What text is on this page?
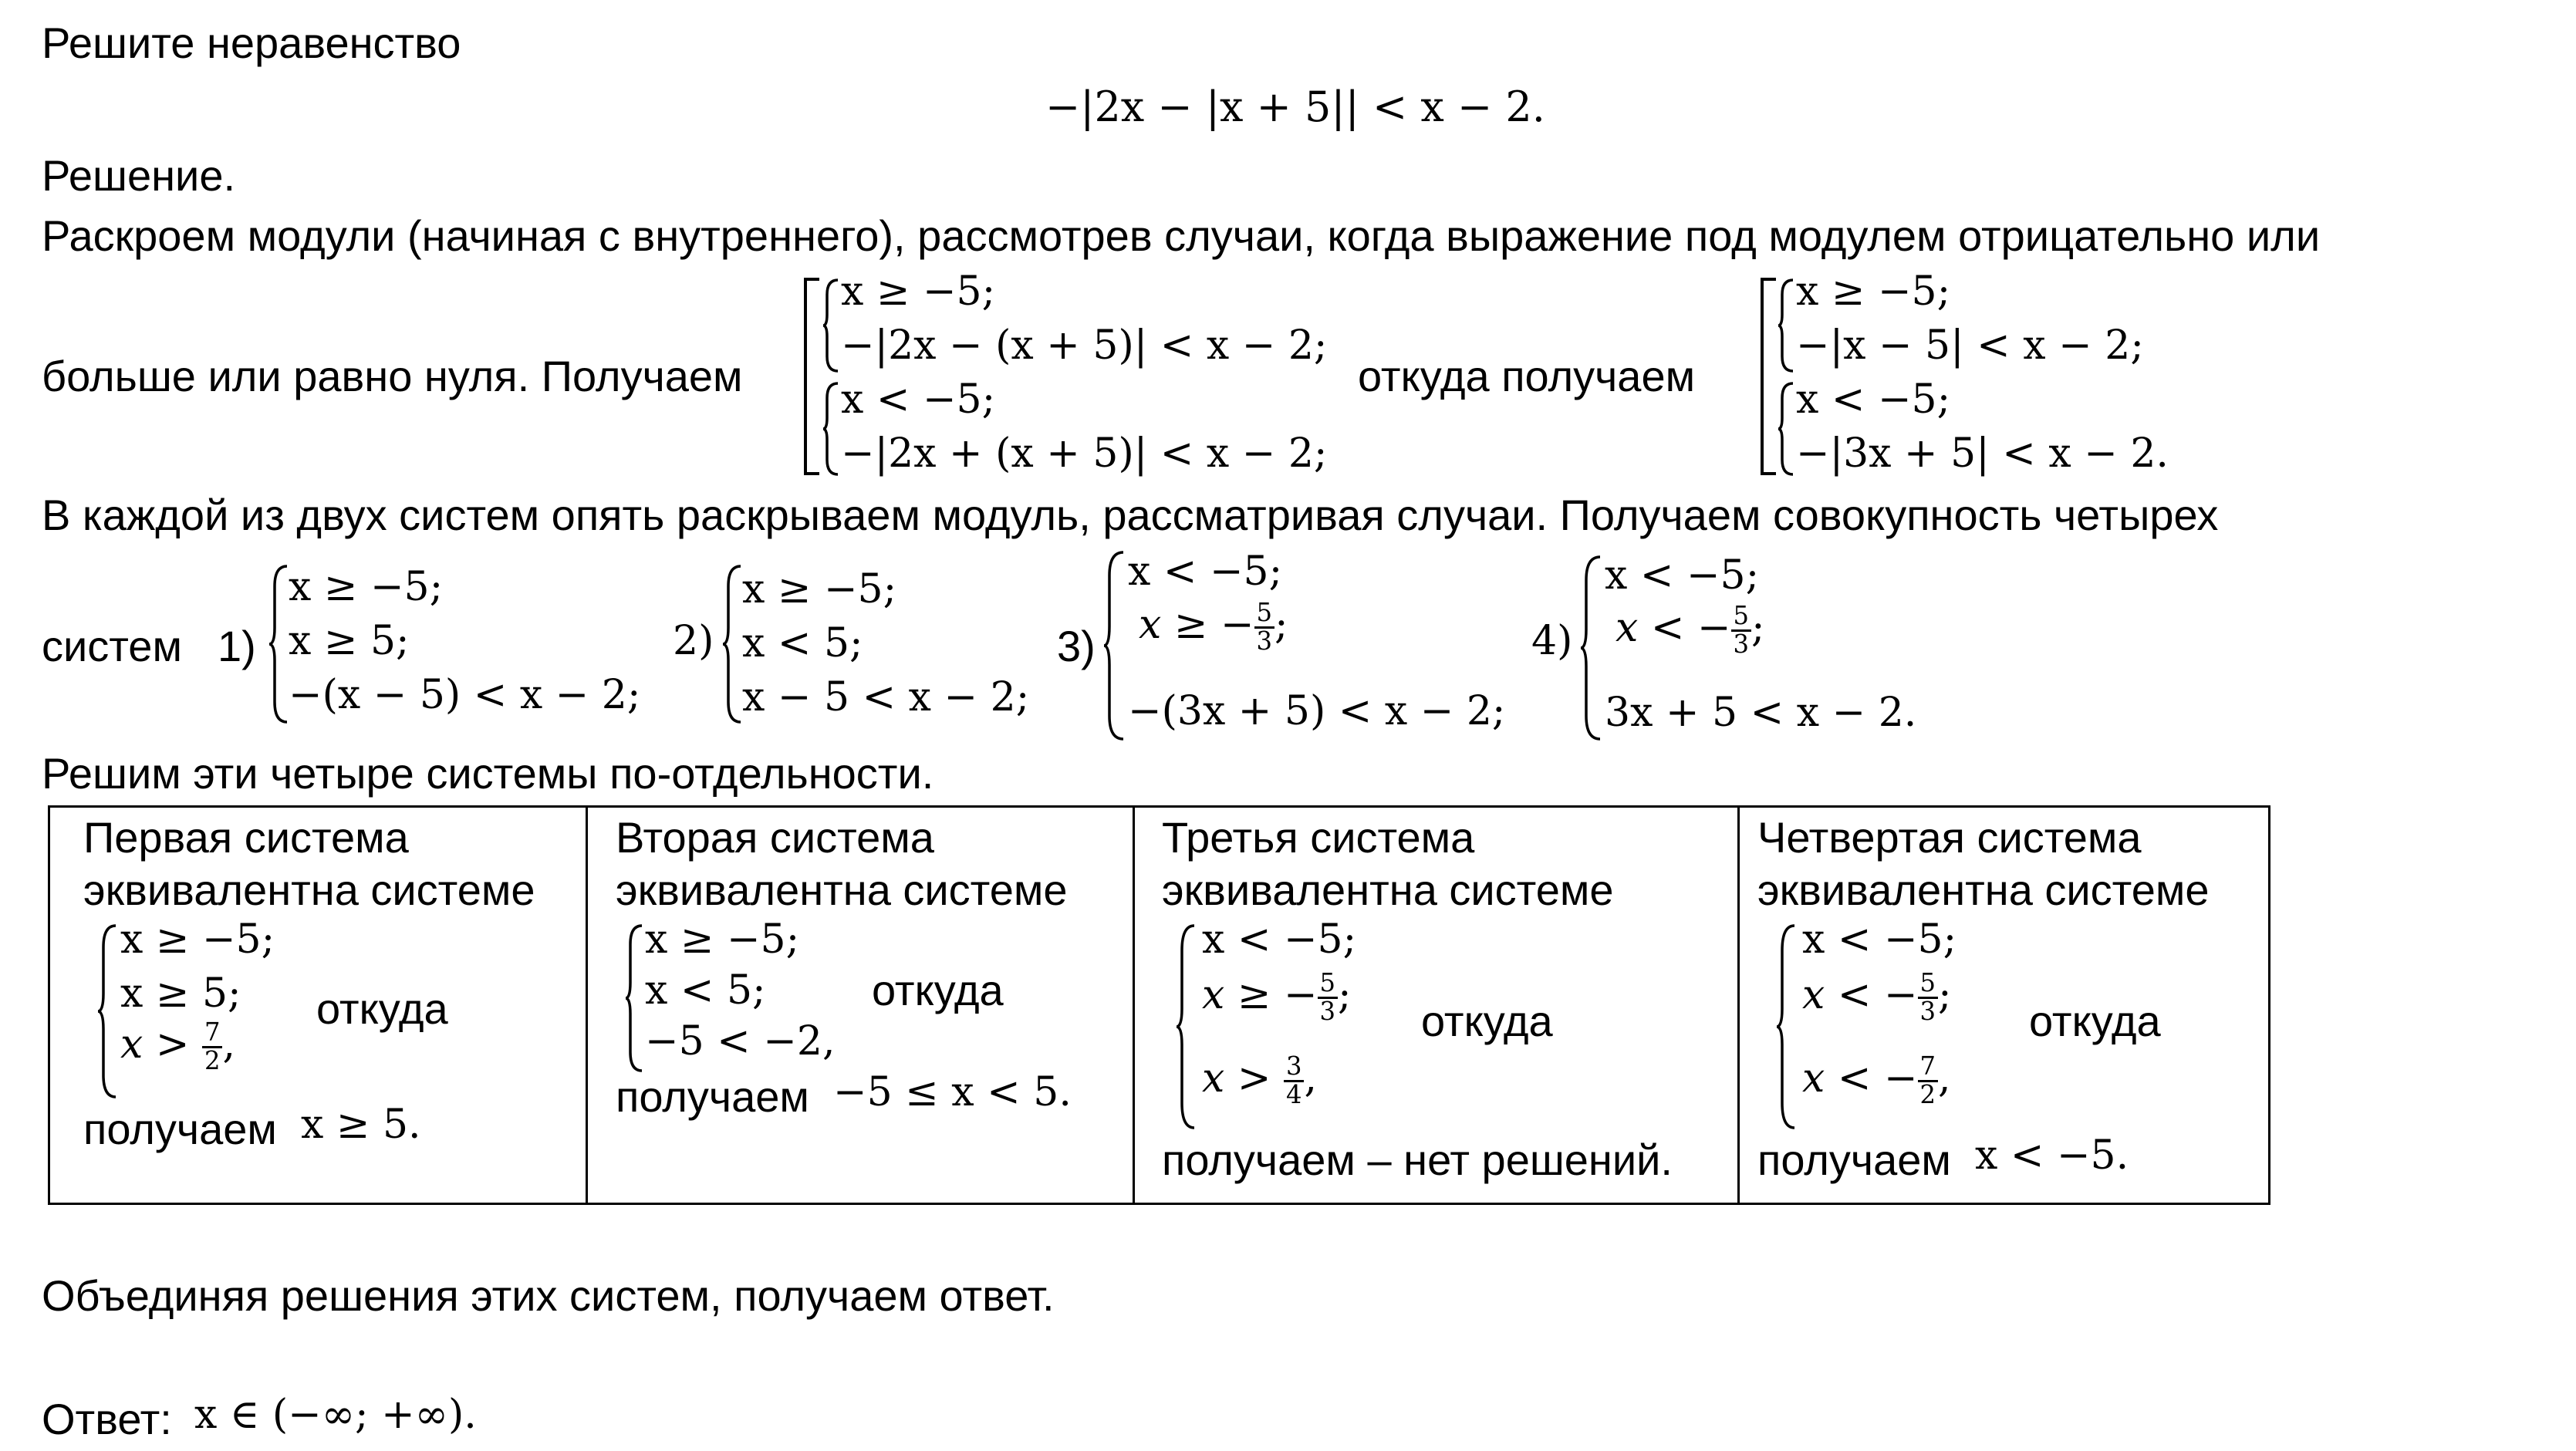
Решите неравенство
−|2x − |x + 5|| < x − 2.
Решение.
Раскроем модули (начиная с внутреннего), рассмотрев случаи, когда выражение под модулем отрицательно или
больше или равно нуля. Получаем
x ≥ −5;
−|2x − (x + 5)| < x − 2;
x < −5;
−|2x + (x + 5)| < x − 2;
откуда получаем
x ≥ −5;
−|x − 5| < x − 2;
x < −5;
−|3x + 5| < x − 2.
В каждой из двух систем опять раскрываем модуль, рассматривая случаи. Получаем совокупность четырех
систем 1)
x ≥ −5;
x ≥ 5;
−(x − 5) < x − 2;
2)
x ≥ −5;
x < 5;
x − 5 < x − 2;
3)
x < −5;
x ≥ − $\frac{5}{3}$ ;
−(3x + 5) < x − 2;
4)
x < −5;
x < − $\frac{5}{3}$ ;
3x + 5 < x − 2.
Решим эти четыре системы по-отдельности.
Первая система
эквивалентна системе
x ≥ −5;
x ≥ 5;
$x > \frac{7}{2}$ ,
откуда
получаем x ≥ 5.
Вторая система
эквивалентна системе
x ≥ −5;
x < 5;
−5 < −2,
откуда
получаем −5 ≤ x < 5.
Третья система
эквивалентна системе
x < −5;
x ≥ − $\frac{5}{3}$ ;
$x > \frac{3}{4}$ ,
откуда
получаем – нет решений.
Четвертая система
эквивалентна системе
x < −5;
x < − $\frac{5}{3}$ ;
x < − $\frac{7}{2}$ ,
откуда
получаем x < −5.
Объединяя решения этих систем, получаем ответ.
Ответ: x ∈ (−∞; +∞).
